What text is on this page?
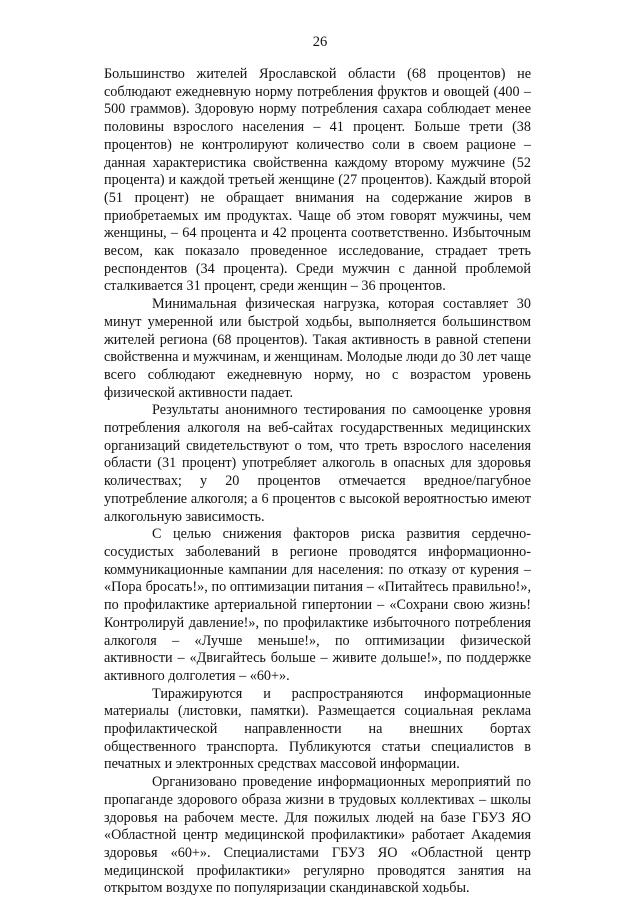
26

Большинство жителей Ярославской области (68 процентов) не соблюдают ежедневную норму потребления фруктов и овощей (400 – 500 граммов). Здоровую норму потребления сахара соблюдает менее половины взрослого населения – 41 процент. Больше трети (38 процентов) не контролируют количество соли в своем рационе – данная характеристика свойственна каждому второму мужчине (52 процента) и каждой третьей женщине (27 процентов). Каждый второй (51 процент) не обращает внимания на содержание жиров в приобретаемых им продуктах. Чаще об этом говорят мужчины, чем женщины, – 64 процента и 42 процента соответственно. Избыточным весом, как показало проведенное исследование, страдает треть респондентов (34 процента). Среди мужчин с данной проблемой сталкивается 31 процент, среди женщин – 36 процентов.

Минимальная физическая нагрузка, которая составляет 30 минут умеренной или быстрой ходьбы, выполняется большинством жителей региона (68 процентов). Такая активность в равной степени свойственна и мужчинам, и женщинам. Молодые люди до 30 лет чаще всего соблюдают ежедневную норму, но с возрастом уровень физической активности падает.

Результаты анонимного тестирования по самооценке уровня потребления алкоголя на веб-сайтах государственных медицинских организаций свидетельствуют о том, что треть взрослого населения области (31 процент) употребляет алкоголь в опасных для здоровья количествах; у 20 процентов отмечается вредное/пагубное употребление алкоголя; а 6 процентов с высокой вероятностью имеют алкогольную зависимость.

С целью снижения факторов риска развития сердечно-сосудистых заболеваний в регионе проводятся информационно-коммуникационные кампании для населения: по отказу от курения – «Пора бросать!», по оптимизации питания – «Питайтесь правильно!», по профилактике артериальной гипертонии – «Сохрани свою жизнь! Контролируй давление!», по профилактике избыточного потребления алкоголя – «Лучше меньше!», по оптимизации физической активности – «Двигайтесь больше – живите дольше!», по поддержке активного долголетия – «60+».

Тиражируются и распространяются информационные материалы (листовки, памятки). Размещается социальная реклама профилактической направленности на внешних бортах общественного транспорта. Публикуются статьи специалистов в печатных и электронных средствах массовой информации.

Организовано проведение информационных мероприятий по пропаганде здорового образа жизни в трудовых коллективах – школы здоровья на рабочем месте. Для пожилых людей на базе ГБУЗ ЯО «Областной центр медицинской профилактики» работает Академия здоровья «60+». Специалистами ГБУЗ ЯО «Областной центр медицинской профилактики» регулярно проводятся занятия на открытом воздухе по популяризации скандинавской ходьбы.
